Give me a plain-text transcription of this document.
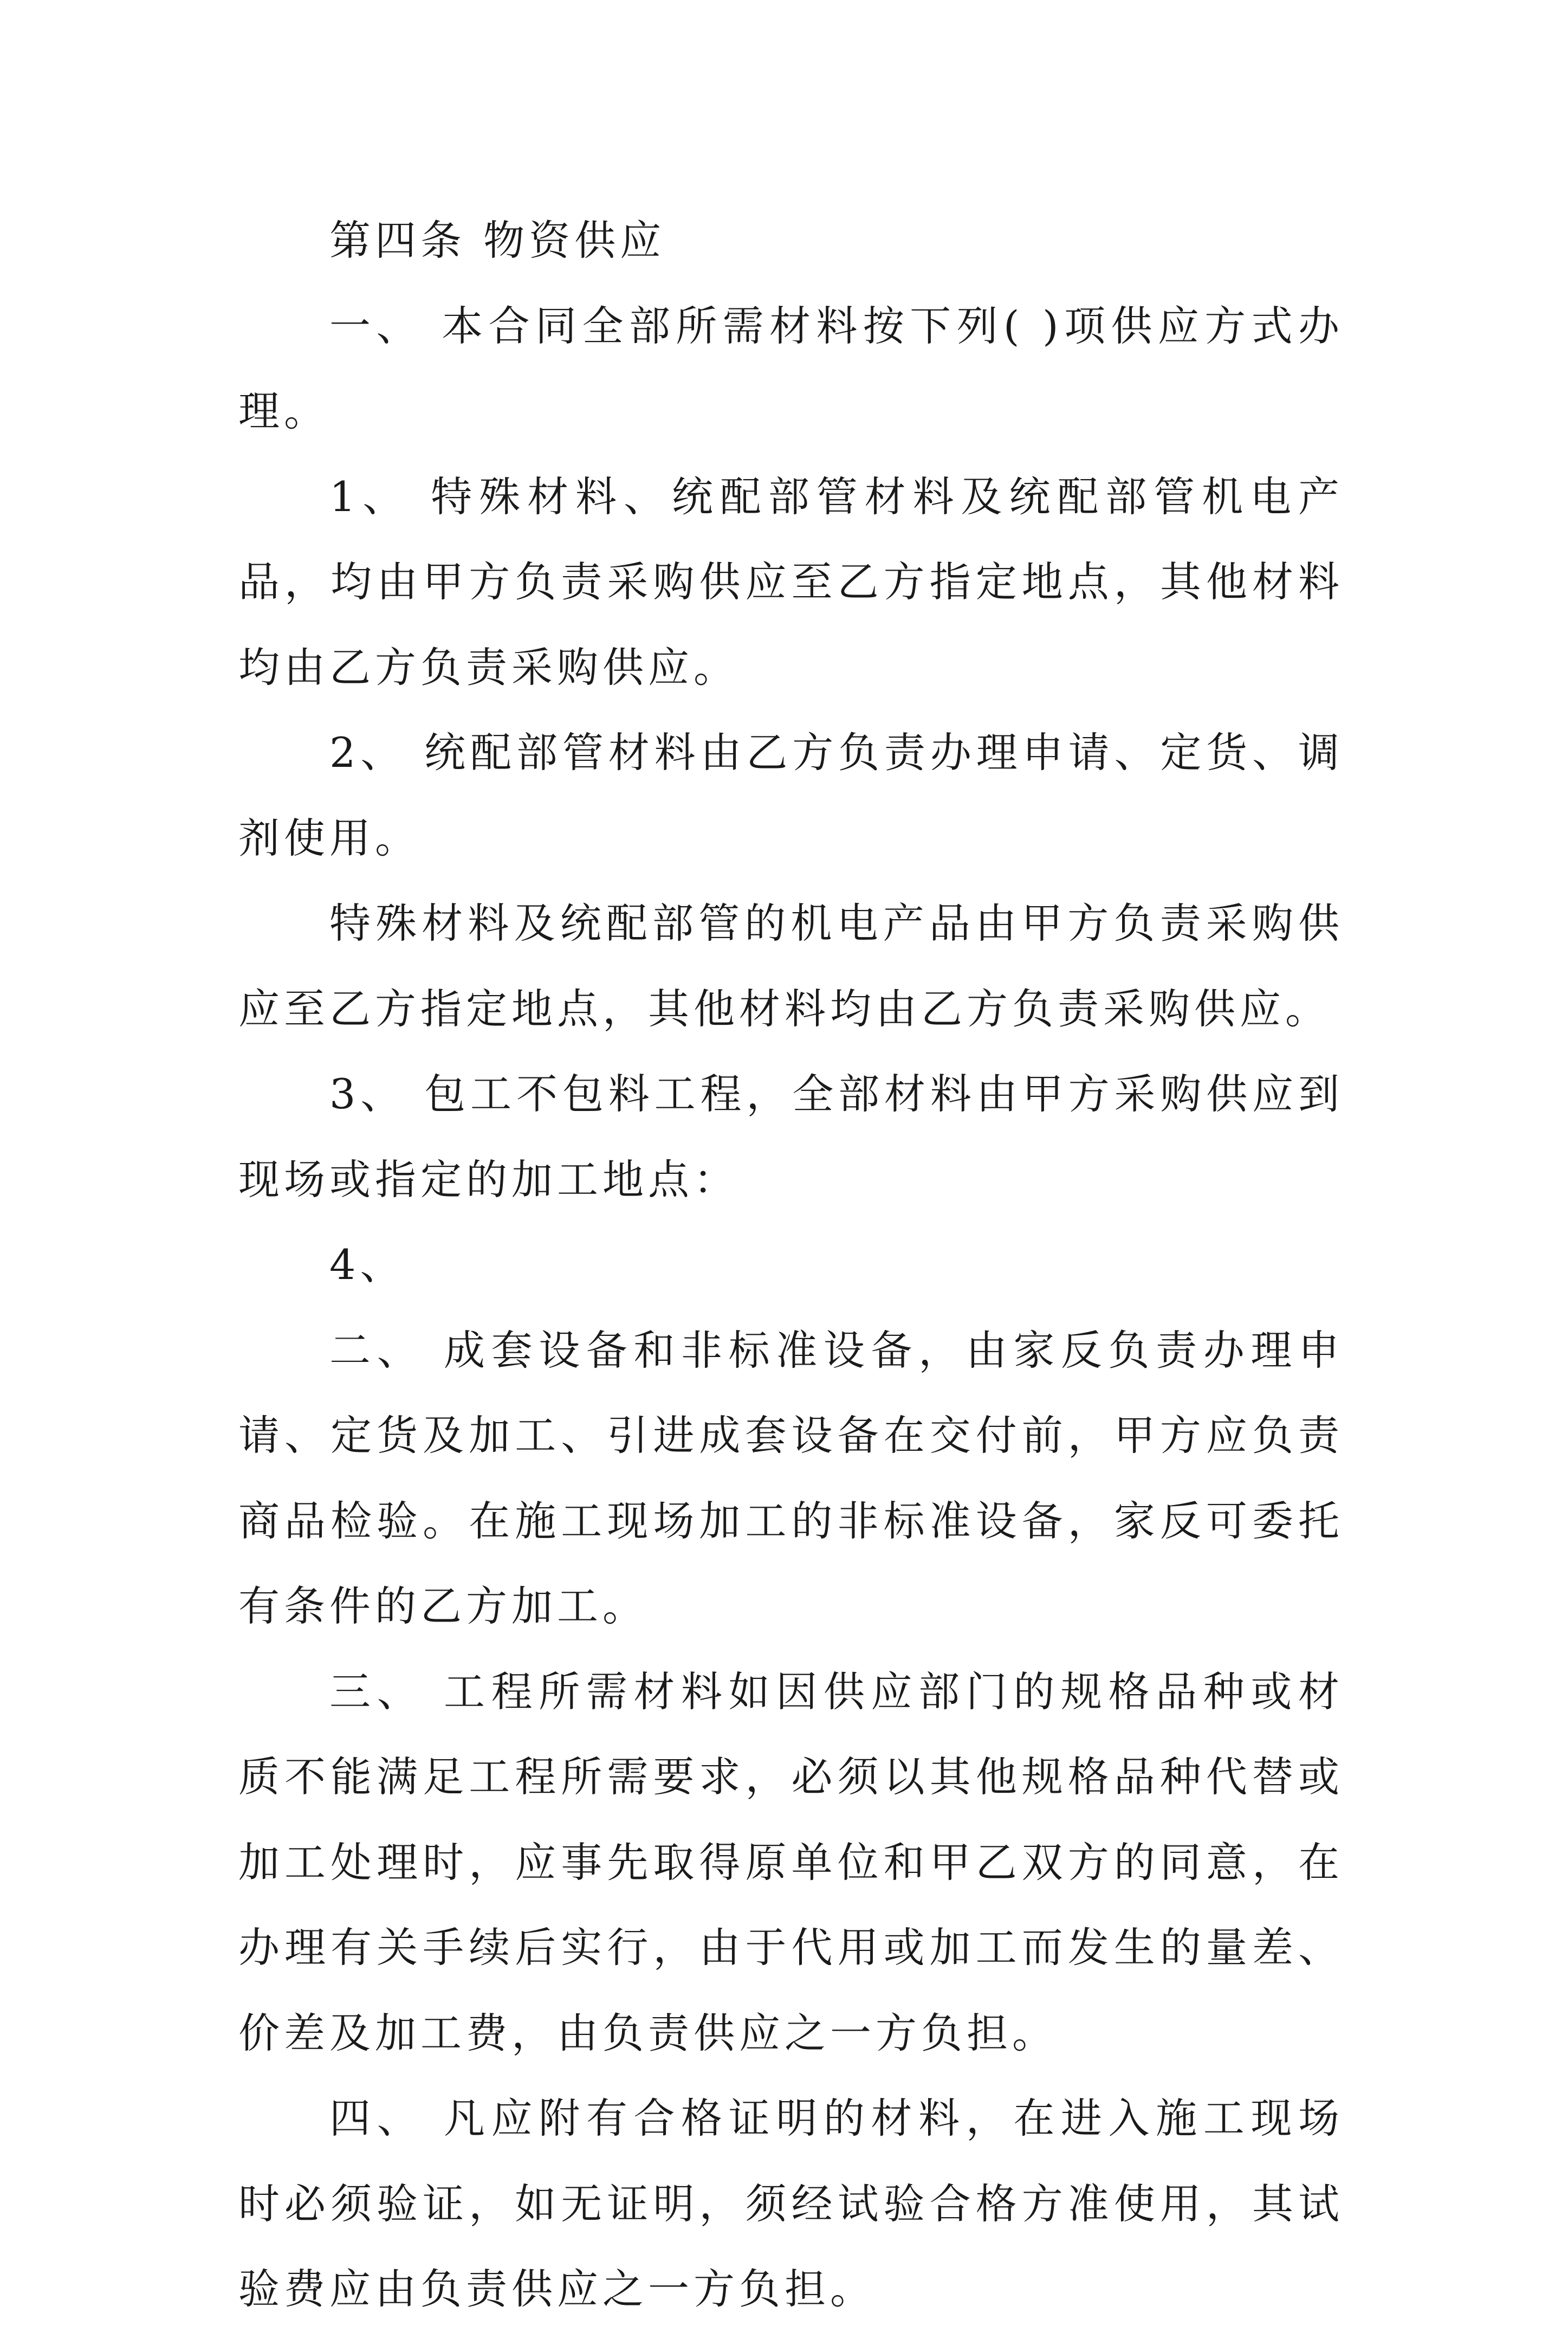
第四条 物资供应

一、 本合同全部所需材料按下列( )项供应方式办理。

1、 特殊材料、统配部管材料及统配部管机电产品，均由甲方负责采购供应至乙方指定地点，其他材料均由乙方负责采购供应。

2、 统配部管材料由乙方负责办理申请、定货、调剂使用。

特殊材料及统配部管的机电产品由甲方负责采购供应至乙方指定地点，其他材料均由乙方负责采购供应。

3、 包工不包料工程，全部材料由甲方采购供应到现场或指定的加工地点：

4、

二、 成套设备和非标准设备，由家反负责办理申请、定货及加工、引进成套设备在交付前，甲方应负责商品检验。在施工现场加工的非标准设备，家反可委托有条件的乙方加工。

三、 工程所需材料如因供应部门的规格品种或材质不能满足工程所需要求，必须以其他规格品种代替或加工处理时，应事先取得原单位和甲乙双方的同意，在办理有关手续后实行，由于代用或加工而发生的量差、价差及加工费，由负责供应之一方负担。

四、 凡应附有合格证明的材料，在进入施工现场时必须验证，如无证明，须经试验合格方准使用，其试验费应由负责供应之一方负担。
